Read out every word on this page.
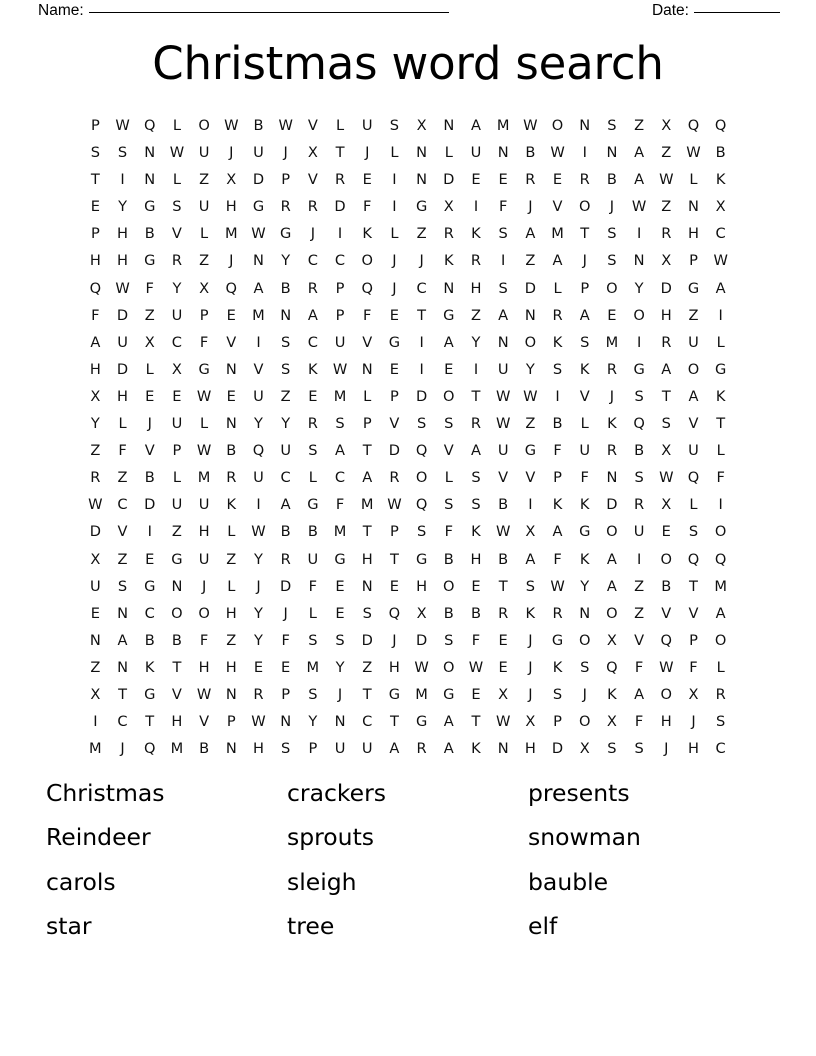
Name:	Date:
Christmas word search
P	W	Q	L	O	W	B	W	V	L	U	S	X	N	A	M	W	O	N	S	Z	X	Q	Q
S	S	N	W	U	J	U	J	X	T	J	L	N	L	U	N	B	W	I	N	A	Z	W	B
T	I	N	L	Z	X	D	P	V	R	E	I	N	D	E	E	R	E	R	B	A	W	L	K
E	Y	G	S	U	H	G	R	R	D	F	I	G	X	I	F	J	V	O	J	W	Z	N	X
P	H	B	V	L	M	W	G	J	I	K	L	Z	R	K	S	A	M	T	S	I	R	H	C
H	H	G	R	Z	J	N	Y	C	C	O	J	J	K	R	I	Z	A	J	S	N	X	P	W
Q	W	F	Y	X	Q	A	B	R	P	Q	J	C	N	H	S	D	L	P	O	Y	D	G	A
F	D	Z	U	P	E	M	N	A	P	F	E	T	G	Z	A	N	R	A	E	O	H	Z	I
A	U	X	C	F	V	I	S	C	U	V	G	I	A	Y	N	O	K	S	M	I	R	U	L
H	D	L	X	G	N	V	S	K	W	N	E	I	E	I	U	Y	S	K	R	G	A	O	G
X	H	E	E	W	E	U	Z	E	M	L	P	D	O	T	W	W	I	V	J	S	T	A	K
Y	L	J	U	L	N	Y	Y	R	S	P	V	S	S	R	W	Z	B	L	K	Q	S	V	T
Z	F	V	P	W	B	Q	U	S	A	T	D	Q	V	A	U	G	F	U	R	B	X	U	L
R	Z	B	L	M	R	U	C	L	C	A	R	O	L	S	V	V	P	F	N	S	W	Q	F
W	C	D	U	U	K	I	A	G	F	M	W	Q	S	S	B	I	K	K	D	R	X	L	I
D	V	I	Z	H	L	W	B	B	M	T	P	S	F	K	W	X	A	G	O	U	E	S	O
X	Z	E	G	U	Z	Y	R	U	G	H	T	G	B	H	B	A	F	K	A	I	O	Q	Q
U	S	G	N	J	L	J	D	F	E	N	E	H	O	E	T	S	W	Y	A	Z	B	T	M
E	N	C	O	O	H	Y	J	L	E	S	Q	X	B	B	R	K	R	N	O	Z	V	V	A
N	A	B	B	F	Z	Y	F	S	S	D	J	D	S	F	E	J	G	O	X	V	Q	P	O
Z	N	K	T	H	H	E	E	M	Y	Z	H	W	O	W	E	J	K	S	Q	F	W	F	L
X	T	G	V	W	N	R	P	S	J	T	G	M	G	E	X	J	S	J	K	A	O	X	R
I	C	T	H	V	P	W	N	Y	N	C	T	G	A	T	W	X	P	O	X	F	H	J	S
M	J	Q	M	B	N	H	S	P	U	U	A	R	A	K	N	H	D	X	S	S	J	H	C
Christmas	crackers	presents
Reindeer	sprouts	snowman
carols	sleigh	bauble
star	tree	elf
